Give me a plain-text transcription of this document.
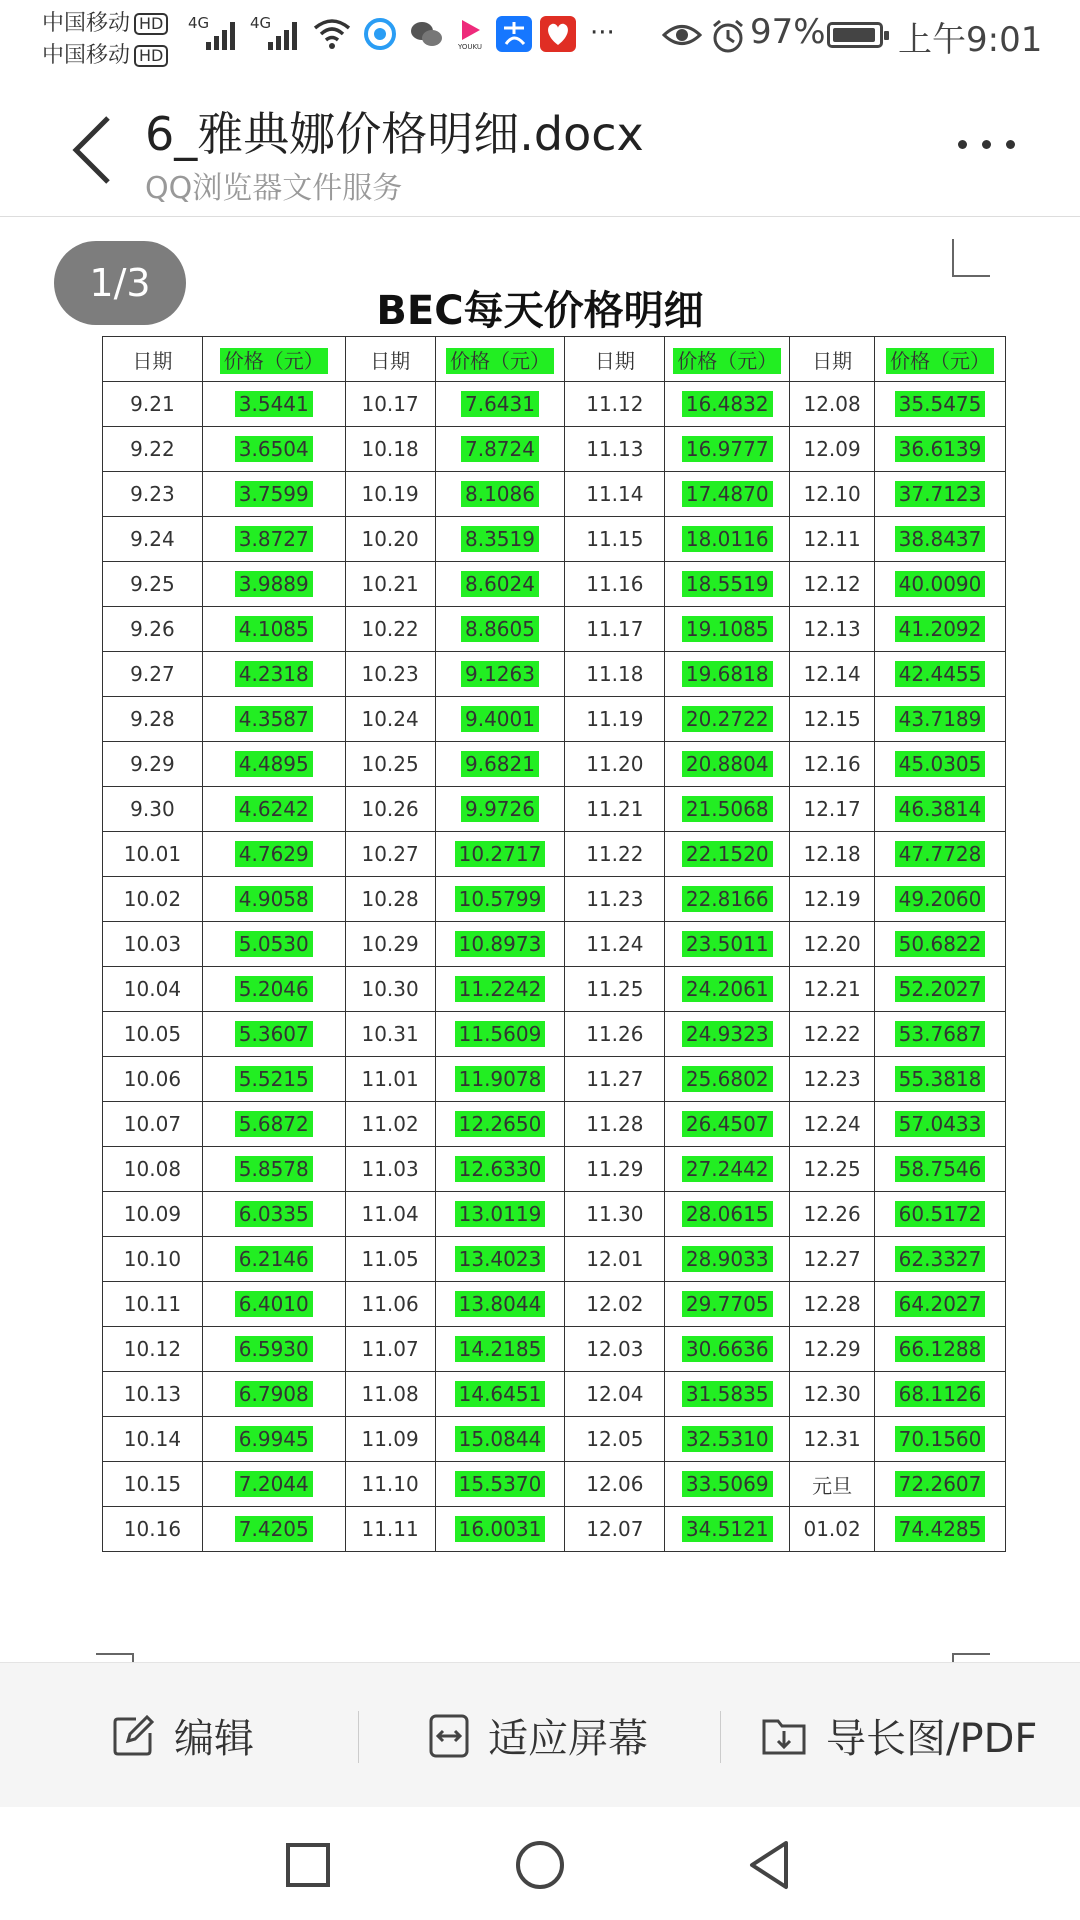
中国移动 HD
中国移动 HD
4G	4G
YOUKU	···	97% 上午9:01
6_雅典娜价格明细.docx
QQ浏览器文件服务
BEC每天价格明细
日期	价格（元）	日期	价格（元）	日期	价格（元）	日期	价格（元）
9.21	3.5441	10.17	7.6431	11.12	16.4832	12.08	35.5475
9.22	3.6504	10.18	7.8724	11.13	16.9777	12.09	36.6139
9.23	3.7599	10.19	8.1086	11.14	17.4870	12.10	37.7123
9.24	3.8727	10.20	8.3519	11.15	18.0116	12.11	38.8437
9.25	3.9889	10.21	8.6024	11.16	18.5519	12.12	40.0090
9.26	4.1085	10.22	8.8605	11.17	19.1085	12.13	41.2092
9.27	4.2318	10.23	9.1263	11.18	19.6818	12.14	42.4455
9.28	4.3587	10.24	9.4001	11.19	20.2722	12.15	43.7189
9.29	4.4895	10.25	9.6821	11.20	20.8804	12.16	45.0305
9.30	4.6242	10.26	9.9726	11.21	21.5068	12.17	46.3814
10.01	4.7629	10.27	10.2717	11.22	22.1520	12.18	47.7728
10.02	4.9058	10.28	10.5799	11.23	22.8166	12.19	49.2060
10.03	5.0530	10.29	10.8973	11.24	23.5011	12.20	50.6822
10.04	5.2046	10.30	11.2242	11.25	24.2061	12.21	52.2027
10.05	5.3607	10.31	11.5609	11.26	24.9323	12.22	53.7687
10.06	5.5215	11.01	11.9078	11.27	25.6802	12.23	55.3818
10.07	5.6872	11.02	12.2650	11.28	26.4507	12.24	57.0433
10.08	5.8578	11.03	12.6330	11.29	27.2442	12.25	58.7546
10.09	6.0335	11.04	13.0119	11.30	28.0615	12.26	60.5172
10.10	6.2146	11.05	13.4023	12.01	28.9033	12.27	62.3327
10.11	6.4010	11.06	13.8044	12.02	29.7705	12.28	64.2027
10.12	6.5930	11.07	14.2185	12.03	30.6636	12.29	66.1288
10.13	6.7908	11.08	14.6451	12.04	31.5835	12.30	68.1126
10.14	6.9945	11.09	15.0844	12.05	32.5310	12.31	70.1560
10.15	7.2044	11.10	15.5370	12.06	33.5069	元旦	72.2607
10.16	7.4205	11.11	16.0031	12.07	34.5121	01.02	74.4285
1/3
编辑	适应屏幕	导长图/PDF
